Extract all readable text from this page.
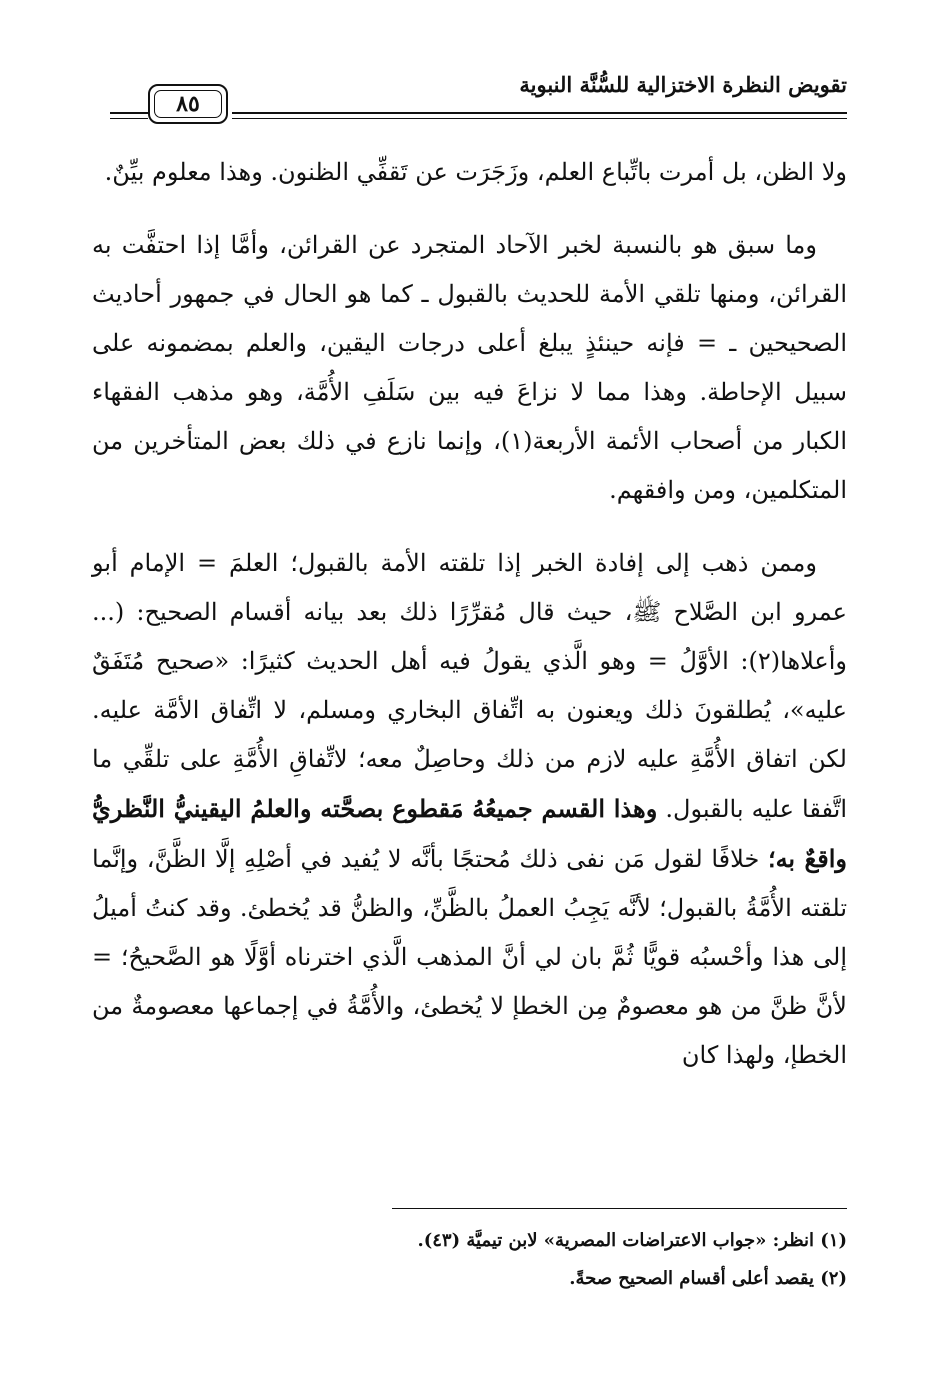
تقويض النظرة الاختزالية للسُّنَّة النبوية
٨٥

ولا الظن، بل أمرت باتِّباع العلم، وزَجَرَت عن تَقفِّي الظنون. وهذا معلوم بيِّنٌ.

وما سبق هو بالنسبة لخبر الآحاد المتجرد عن القرائن، وأمَّا إذا احتفَّت به القرائن، ومنها تلقي الأمة للحديث بالقبول ـ كما هو الحال في جمهور أحاديث الصحيحين ـ = فإنه حينئذٍ يبلغ أعلى درجات اليقين، والعلم بمضمونه على سبيل الإحاطة. وهذا مما لا نزاعَ فيه بين سَلَفِ الأُمَّة، وهو مذهب الفقهاء الكبار من أصحاب الأئمة الأربعة(١)، وإنما نازع في ذلك بعض المتأخرين من المتكلمين، ومن وافقهم.

وممن ذهب إلى إفادة الخبر إذا تلقته الأمة بالقبول؛ العلمَ = الإمام أبو عمرو ابن الصَّلاح ﷺ، حيث قال مُقرِّرًا ذلك بعد بيانه أقسام الصحيح: (... وأعلاها(٢): الأوَّلُ = وهو الَّذي يقولُ فيه أهل الحديث كثيرًا: «صحيح مُتَفَقٌ عليه»، يُطلقونَ ذلك ويعنون به اتِّفاق البخاري ومسلم، لا اتِّفاق الأمَّة عليه. لكن اتفاق الأُمَّةِ عليه لازم من ذلك وحاصِلٌ معه؛ لاتِّفاقِ الأُمَّةِ على تلقِّي ما اتَّفقا عليه بالقبول. وهذا القسم جميعُهُ مَقطوع بصحَّته والعلمُ اليقينيُّ النَّظريُّ واقعٌ به؛ خلافًا لقول مَن نفى ذلك مُحتجًا بأنَّه لا يُفيد في أصْلِهِ إلَّا الظَّنَّ، وإنَّما تلقته الأُمَّةُ بالقبول؛ لأنَّه يَجِبُ العملُ بالظَّنِّ، والظنُّ قد يُخطئ. وقد كنتُ أميلُ إلى هذا وأحْسبُه قويًّا ثُمَّ بان لي أنَّ المذهب الَّذي اخترناه أوَّلًا هو الصَّحيحُ؛ = لأنَّ ظنَّ من هو معصومٌ مِن الخطإ لا يُخطئ، والأُمَّةُ في إجماعها معصومةٌ من الخطإ، ولهذا كان

(١) انظر: «جواب الاعتراضات المصرية» لابن تيميَّة (٤٣).

(٢) يقصد أعلى أقسام الصحيح صحةً.
